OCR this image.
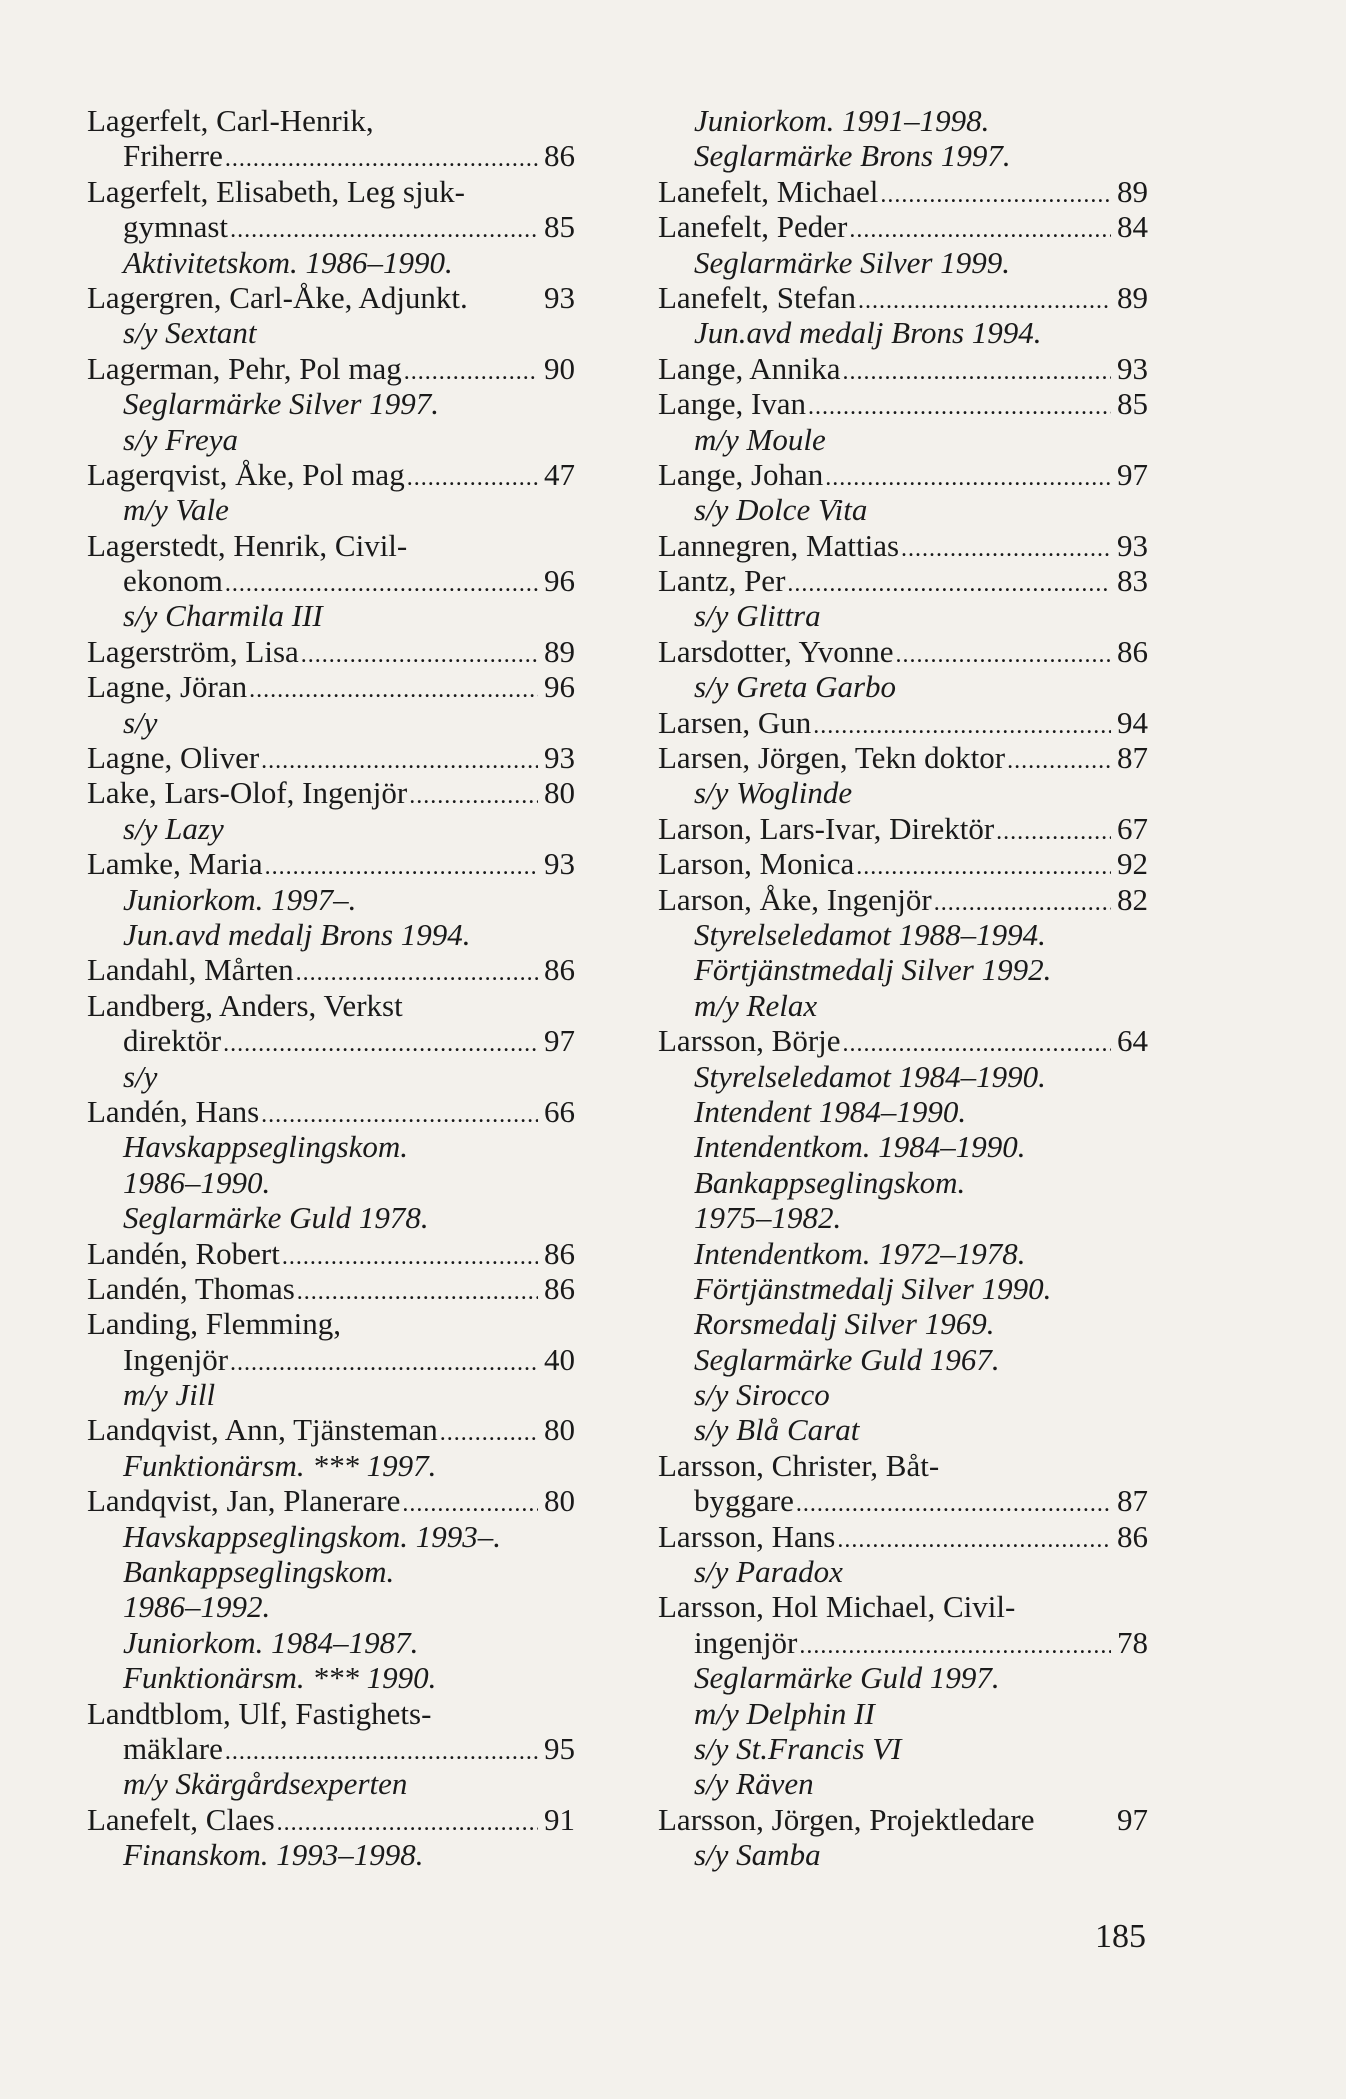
Lagerfelt, Carl-Henrik,
Friherre .....	86
Lagerfelt, Elisabeth, Leg sjuk-
gymnast .....	85
Aktivitetskom. 1986–1990.
Lagergren, Carl-Åke, Adjunkt.	93
s/y Sextant
Lagerman, Pehr, Pol mag .....	90
Seglarmärke Silver 1997.
s/y Freya
Lagerqvist, Åke, Pol mag .....	47
m/y Vale
Lagerstedt, Henrik, Civil-
ekonom .....	96
s/y Charmila III
Lagerström, Lisa .....	89
Lagne, Jöran .....	96
s/y
Lagne, Oliver .....	93
Lake, Lars-Olof, Ingenjör .....	80
s/y Lazy
Lamke, Maria .....	93
Juniorkom. 1997–.
Jun.avd medalj Brons 1994.
Landahl, Mårten .....	86
Landberg, Anders, Verkst
direktör .....	97
s/y
Landén, Hans .....	66
Havskappseglingskom.
1986–1990.
Seglarmärke Guld 1978.
Landén, Robert .....	86
Landén, Thomas .....	86
Landing, Flemming,
Ingenjör .....	40
m/y Jill
Landqvist, Ann, Tjänsteman .....	80
Funktionärsm. *** 1997.
Landqvist, Jan, Planerare .....	80
Havskappseglingskom. 1993–.
Bankappseglingskom.
1986–1992.
Juniorkom. 1984–1987.
Funktionärsm. *** 1990.
Landtblom, Ulf, Fastighets-
mäklare .....	95
m/y Skärgårdsexperten
Lanefelt, Claes .....	91
Finanskom. 1993–1998.
Juniorkom. 1991–1998.
Seglarmärke Brons 1997.
Lanefelt, Michael .....	89
Lanefelt, Peder .....	84
Seglarmärke Silver 1999.
Lanefelt, Stefan .....	89
Jun.avd medalj Brons 1994.
Lange, Annika .....	93
Lange, Ivan .....	85
m/y Moule
Lange, Johan .....	97
s/y Dolce Vita
Lannegren, Mattias .....	93
Lantz, Per .....	83
s/y Glittra
Larsdotter, Yvonne .....	86
s/y Greta Garbo
Larsen, Gun .....	94
Larsen, Jörgen, Tekn doktor .....	87
s/y Woglinde
Larson, Lars-Ivar, Direktör .....	67
Larson, Monica .....	92
Larson, Åke, Ingenjör .....	82
Styrelseledamot 1988–1994.
Förtjänstmedalj Silver 1992.
m/y Relax
Larsson, Börje .....	64
Styrelseledamot 1984–1990.
Intendent 1984–1990.
Intendentkom. 1984–1990.
Bankappseglingskom.
1975–1982.
Intendentkom. 1972–1978.
Förtjänstmedalj Silver 1990.
Rorsmedalj Silver 1969.
Seglarmärke Guld 1967.
s/y Sirocco
s/y Blå Carat
Larsson, Christer, Båt-
byggare .....	87
Larsson, Hans .....	86
s/y Paradox
Larsson, Hol Michael, Civil-
ingenjör .....	78
Seglarmärke Guld 1997.
m/y Delphin II
s/y St.Francis VI
s/y Räven
Larsson, Jörgen, Projektledare	97
s/y Samba
185
